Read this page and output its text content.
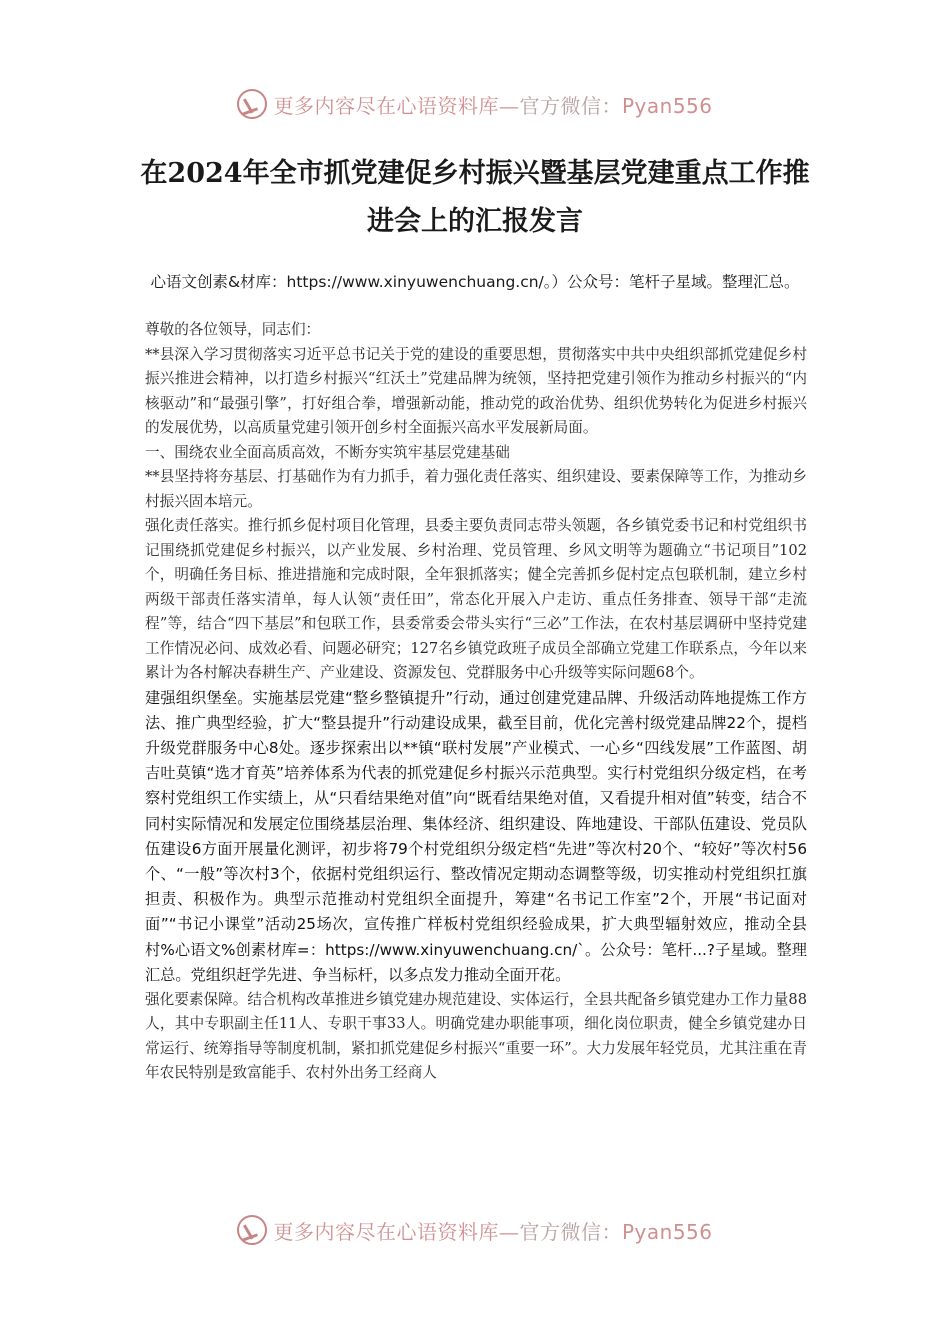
更多内容尽在心语资料库—官方微信：Pyan556
在2024年全市抓党建促乡村振兴暨基层党建重点工作推进会上的汇报发言
心语文创素&材库：https://www.xinyuwenchuang.cn/。）公众号：笔杆子星域。整理汇总。

尊敬的各位领导，同志们：

**县深入学习贯彻落实习近平总书记关于党的建设的重要思想，贯彻落实中共中央组织部抓党建促乡村振兴推进会精神，以打造乡村振兴“红沃土”党建品牌为统领，坚持把党建引领作为推动乡村振兴的“内核驱动”和“最强引擎”，打好组合拳，增强新动能，推动党的政治优势、组织优势转化为促进乡村振兴的发展优势，以高质量党建引领开创乡村全面振兴高水平发展新局面。

一、围绕农业全面高质高效，不断夯实筑牢基层党建基础

**县坚持将夯基层、打基础作为有力抓手，着力强化责任落实、组织建设、要素保障等工作，为推动乡村振兴固本培元。

强化责任落实。推行抓乡促村项目化管理，县委主要负责同志带头领题，各乡镇党委书记和村党组织书记围绕抓党建促乡村振兴，以产业发展、乡村治理、党员管理、乡风文明等为题确立“书记项目”102个，明确任务目标、推进措施和完成时限，全年狠抓落实；健全完善抓乡促村定点包联机制，建立乡村两级干部责任落实清单，每人认领“责任田”，常态化开展入户走访、重点任务排查、领导干部“走流程”等，结合“四下基层”和包联工作，县委常委会带头实行“三必”工作法，在农村基层调研中坚持党建工作情况必问、成效必看、问题必研究；127名乡镇党政班子成员全部确立党建工作联系点，今年以来累计为各村解决春耕生产、产业建设、资源发包、党群服务中心升级等实际问题68个。

建强组织堡垒。实施基层党建“整乡整镇提升”行动，通过创建党建品牌、升级活动阵地提炼工作方法、推广典型经验，扩大“整县提升”行动建设成果，截至目前，优化完善村级党建品牌22个，提档升级党群服务中心8处。逐步探索出以**镇“联村发展”产业模式、一心乡“四线发展”工作蓝图、胡吉吐莫镇“选才育英”培养体系为代表的抓党建促乡村振兴示范典型。实行村党组织分级定档，在考察村党组织工作实绩上，从“只看结果绝对值”向“既看结果绝对值，又看提升相对值”转变，结合不同村实际情况和发展定位围绕基层治理、集体经济、组织建设、阵地建设、干部队伍建设、党员队伍建设6方面开展量化测评，初步将79个村党组织分级定档“先进”等次村20个、“较好”等次村56个、“一般”等次村3个，依据村党组织运行、整改情况定期动态调整等级，切实推动村党组织扛旗担责、积极作为。典型示范推动村党组织全面提升，筹建“名书记工作室”2个，开展“书记面对面”“书记小课堂”活动25场次，宣传推广样板村党组织经验成果，扩大典型辐射效应，推动全县村%心语文%创素材库=：https://www.xinyuwenchuang.cn/`。公众号：笔杆...?子星域。整理汇总。党组织赶学先进、争当标杆，以多点发力推动全面开花。

强化要素保障。结合机构改革推进乡镇党建办规范建设、实体运行，全县共配备乡镇党建办工作力量88人，其中专职副主任11人、专职干事33人。明确党建办职能事项，细化岗位职责，健全乡镇党建办日常运行、统筹指导等制度机制，紧扣抓党建促乡村振兴“重要一环”。大力发展年轻党员，尤其注重在青年农民特别是致富能手、农村外出务工经商人

更多内容尽在心语资料库—官方微信：Pyan556
